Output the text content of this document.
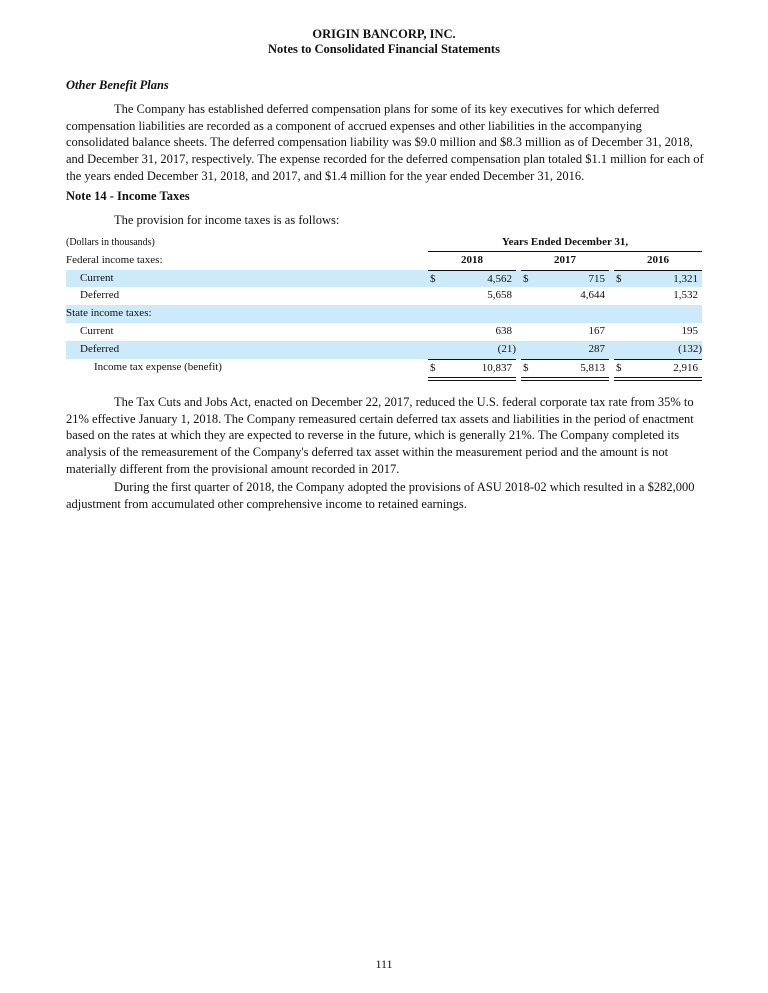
ORIGIN BANCORP, INC.
Notes to Consolidated Financial Statements
Other Benefit Plans
The Company has established deferred compensation plans for some of its key executives for which deferred compensation liabilities are recorded as a component of accrued expenses and other liabilities in the accompanying consolidated balance sheets. The deferred compensation liability was $9.0 million and $8.3 million as of December 31, 2018, and December 31, 2017, respectively. The expense recorded for the deferred compensation plan totaled $1.1 million for each of the years ended December 31, 2018, and 2017, and $1.4 million for the year ended December 31, 2016.
Note 14 - Income Taxes
The provision for income taxes is as follows:
(Dollars in thousands)	Years Ended December 31,
Federal income taxes:	2018	2017	2016
Current	$	4,562 $	715 $	1,321
Deferred	5,658	4,644	1,532
State income taxes:
Current	638	167	195
Deferred	(21)	287	(132)
Income tax expense (benefit)	$	10,837 $	5,813 $	2,916
The Tax Cuts and Jobs Act, enacted on December 22, 2017, reduced the U.S. federal corporate tax rate from 35% to 21% effective January 1, 2018. The Company remeasured certain deferred tax assets and liabilities in the period of enactment based on the rates at which they are expected to reverse in the future, which is generally 21%. The Company completed its analysis of the remeasurement of the Company's deferred tax asset within the measurement period and the amount is not materially different from the provisional amount recorded in 2017.
During the first quarter of 2018, the Company adopted the provisions of ASU 2018-02 which resulted in a $282,000 adjustment from accumulated other comprehensive income to retained earnings.
111
